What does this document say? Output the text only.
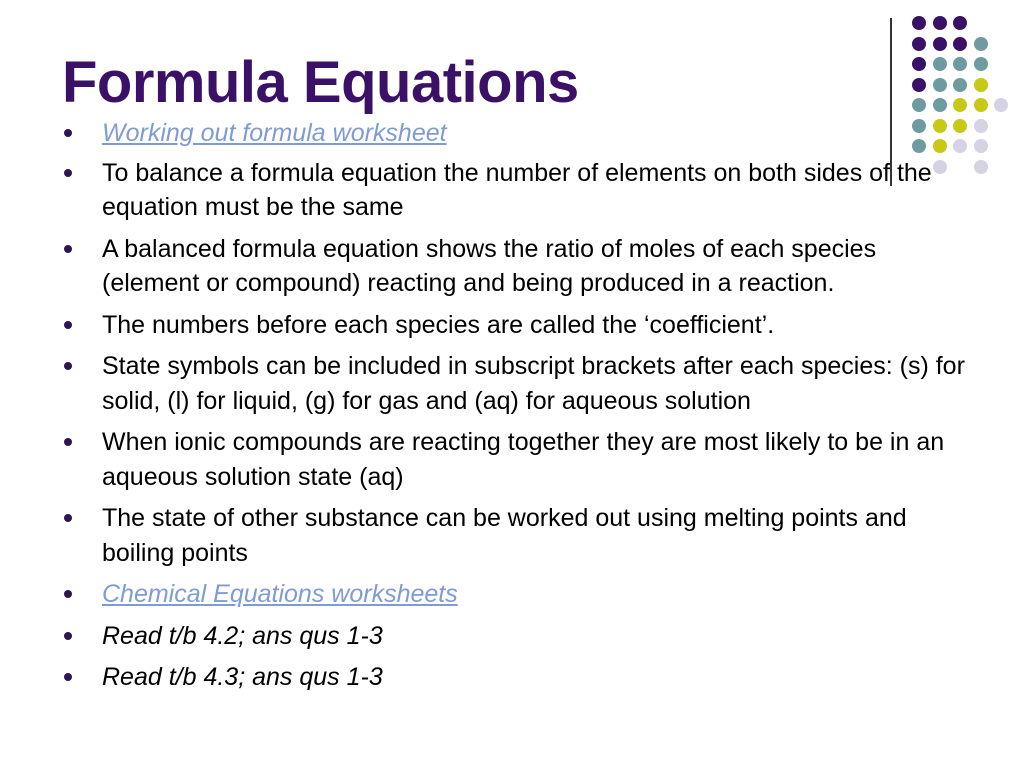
Formula Equations
Working out formula worksheet
To balance a formula equation the number of elements on both sides of the equation must be the same
A balanced formula equation shows the ratio of moles of each species (element or compound) reacting and being produced in a reaction.
The numbers before each species are called the ‘coefficient’.
State symbols can be included in subscript brackets after each species: (s) for solid, (l) for liquid, (g) for gas and (aq) for aqueous solution
When ionic compounds are reacting together they are most likely to be in an aqueous solution state (aq)
The state of other substance can be worked out using melting points and boiling points
Chemical Equations worksheets
Read t/b 4.2; ans qus 1-3
Read t/b 4.3; ans qus 1-3
